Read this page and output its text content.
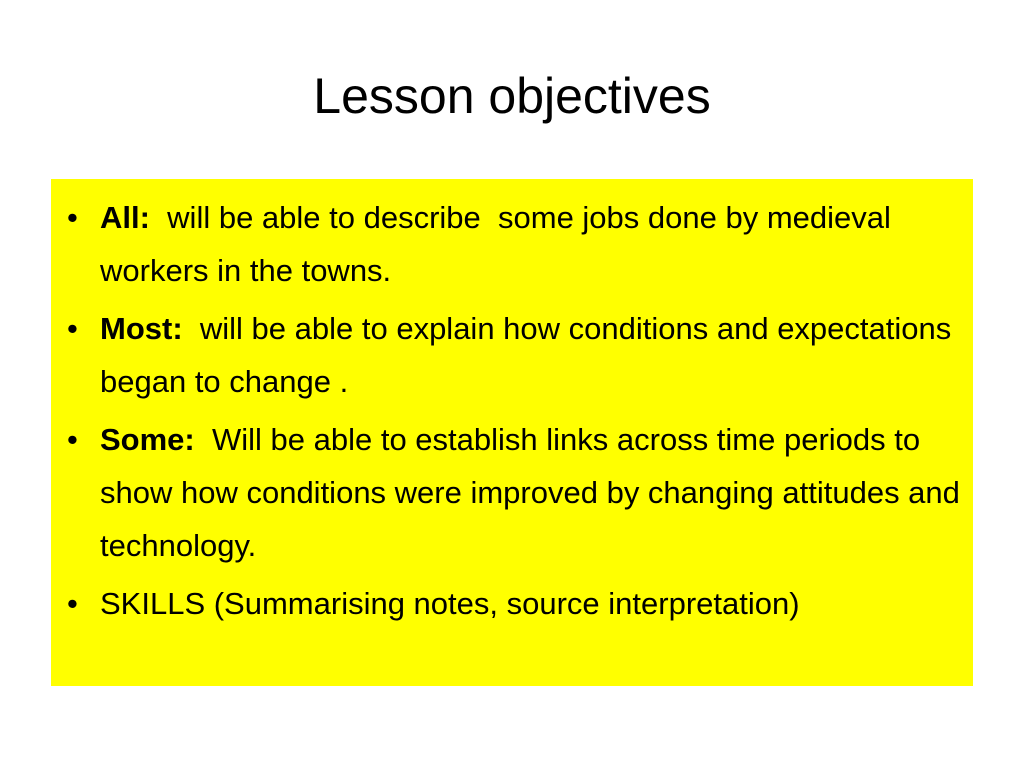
Lesson objectives
• All:  will be able to describe  some jobs done by medieval workers in the towns.
• Most:  will be able to explain how conditions and expectations began to change .
• Some:  Will be able to establish links across time periods to show how conditions were improved by changing attitudes and technology.
• SKILLS (Summarising notes, source interpretation)
